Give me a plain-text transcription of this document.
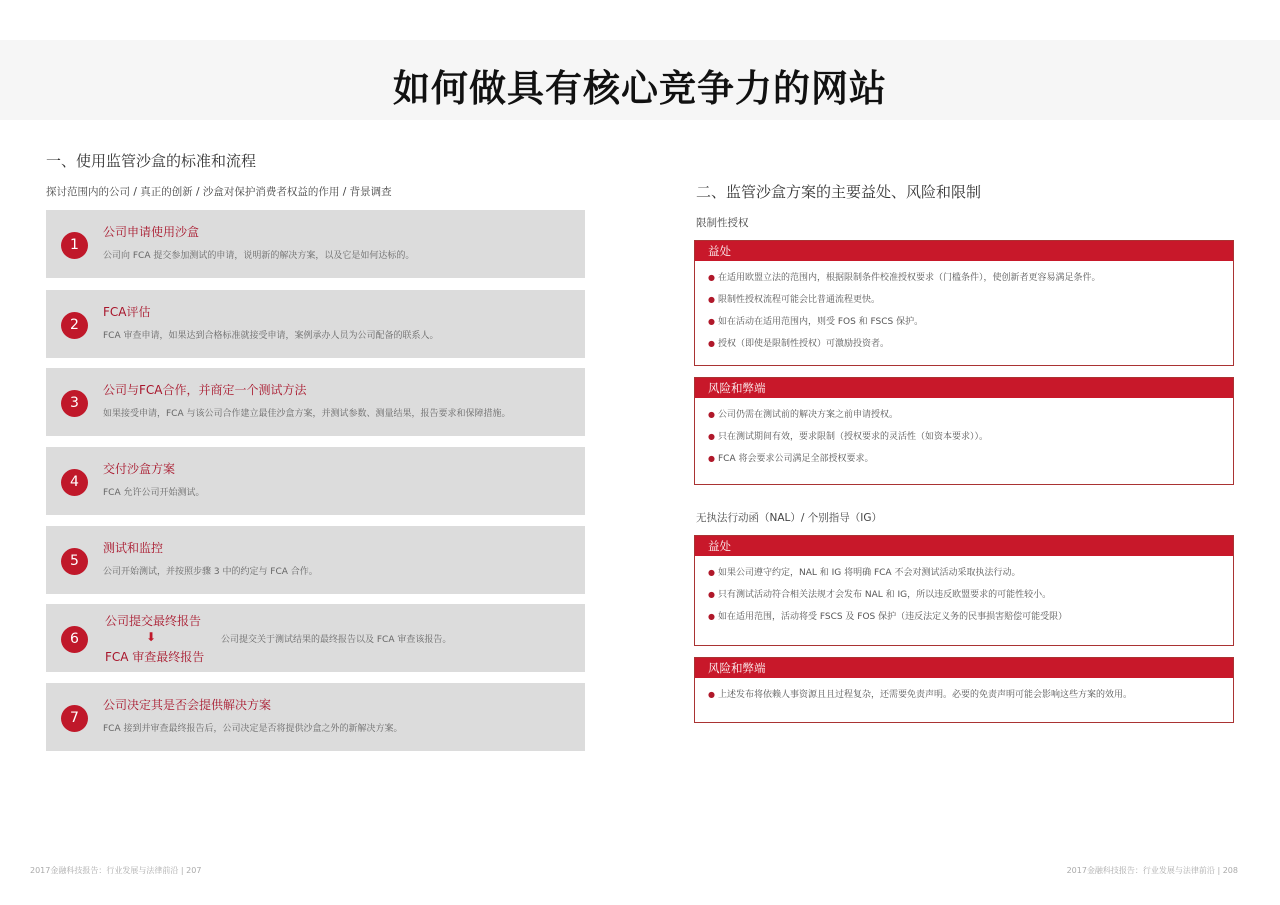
如何做具有核心竞争力的网站
一、使用监管沙盒的标准和流程
探讨范围内的公司 / 真正的创新 / 沙盒对保护消费者权益的作用 / 背景调查
1
公司申请使用沙盒
公司向 FCA 提交参加测试的申请，说明新的解决方案，以及它是如何达标的。
2
FCA评估
FCA 审查申请，如果达到合格标准就接受申请，案例承办人员为公司配备的联系人。
3
公司与FCA合作，并商定一个测试方法
如果接受申请，FCA 与该公司合作建立最佳沙盒方案，并测试参数、测量结果，报告要求和保障措施。
4
交付沙盒方案
FCA 允许公司开始测试。
5
测试和监控
公司开始测试，并按照步骤 3 中的约定与 FCA 合作。
6
公司提交最终报告
⬇
FCA 审查最终报告
公司提交关于测试结果的最终报告以及 FCA 审查该报告。
7
公司决定其是否会提供解决方案
FCA 接到并审查最终报告后，公司决定是否将提供沙盒之外的新解决方案。
二、监管沙盒方案的主要益处、风险和限制
限制性授权
益处
● 在适用欧盟立法的范围内，根据限制条件校准授权要求（门槛条件），使创新者更容易满足条件。
● 限制性授权流程可能会比普通流程更快。
● 如在活动在适用范围内，则受 FOS 和 FSCS 保护。
● 授权（即使是限制性授权）可激励投资者。
风险和弊端
● 公司仍需在测试前的解决方案之前申请授权。
● 只在测试期间有效，要求限制（授权要求的灵活性（如资本要求））。
● FCA 将会要求公司满足全部授权要求。
无执法行动函（NAL）/ 个别指导（IG）
益处
● 如果公司遵守约定，NAL 和 IG 将明确 FCA 不会对测试活动采取执法行动。
● 只有测试活动符合相关法规才会发布 NAL 和 IG，所以违反欧盟要求的可能性较小。
● 如在适用范围，活动将受 FSCS 及 FOS 保护（违反法定义务的民事损害赔偿可能受限）
风险和弊端
● 上述发布将依赖人事资源且且过程复杂，还需要免责声明。必要的免责声明可能会影响这些方案的效用。
2017金融科技报告：行业发展与法律前沿 | 207	2017金融科技报告：行业发展与法律前沿 | 208
